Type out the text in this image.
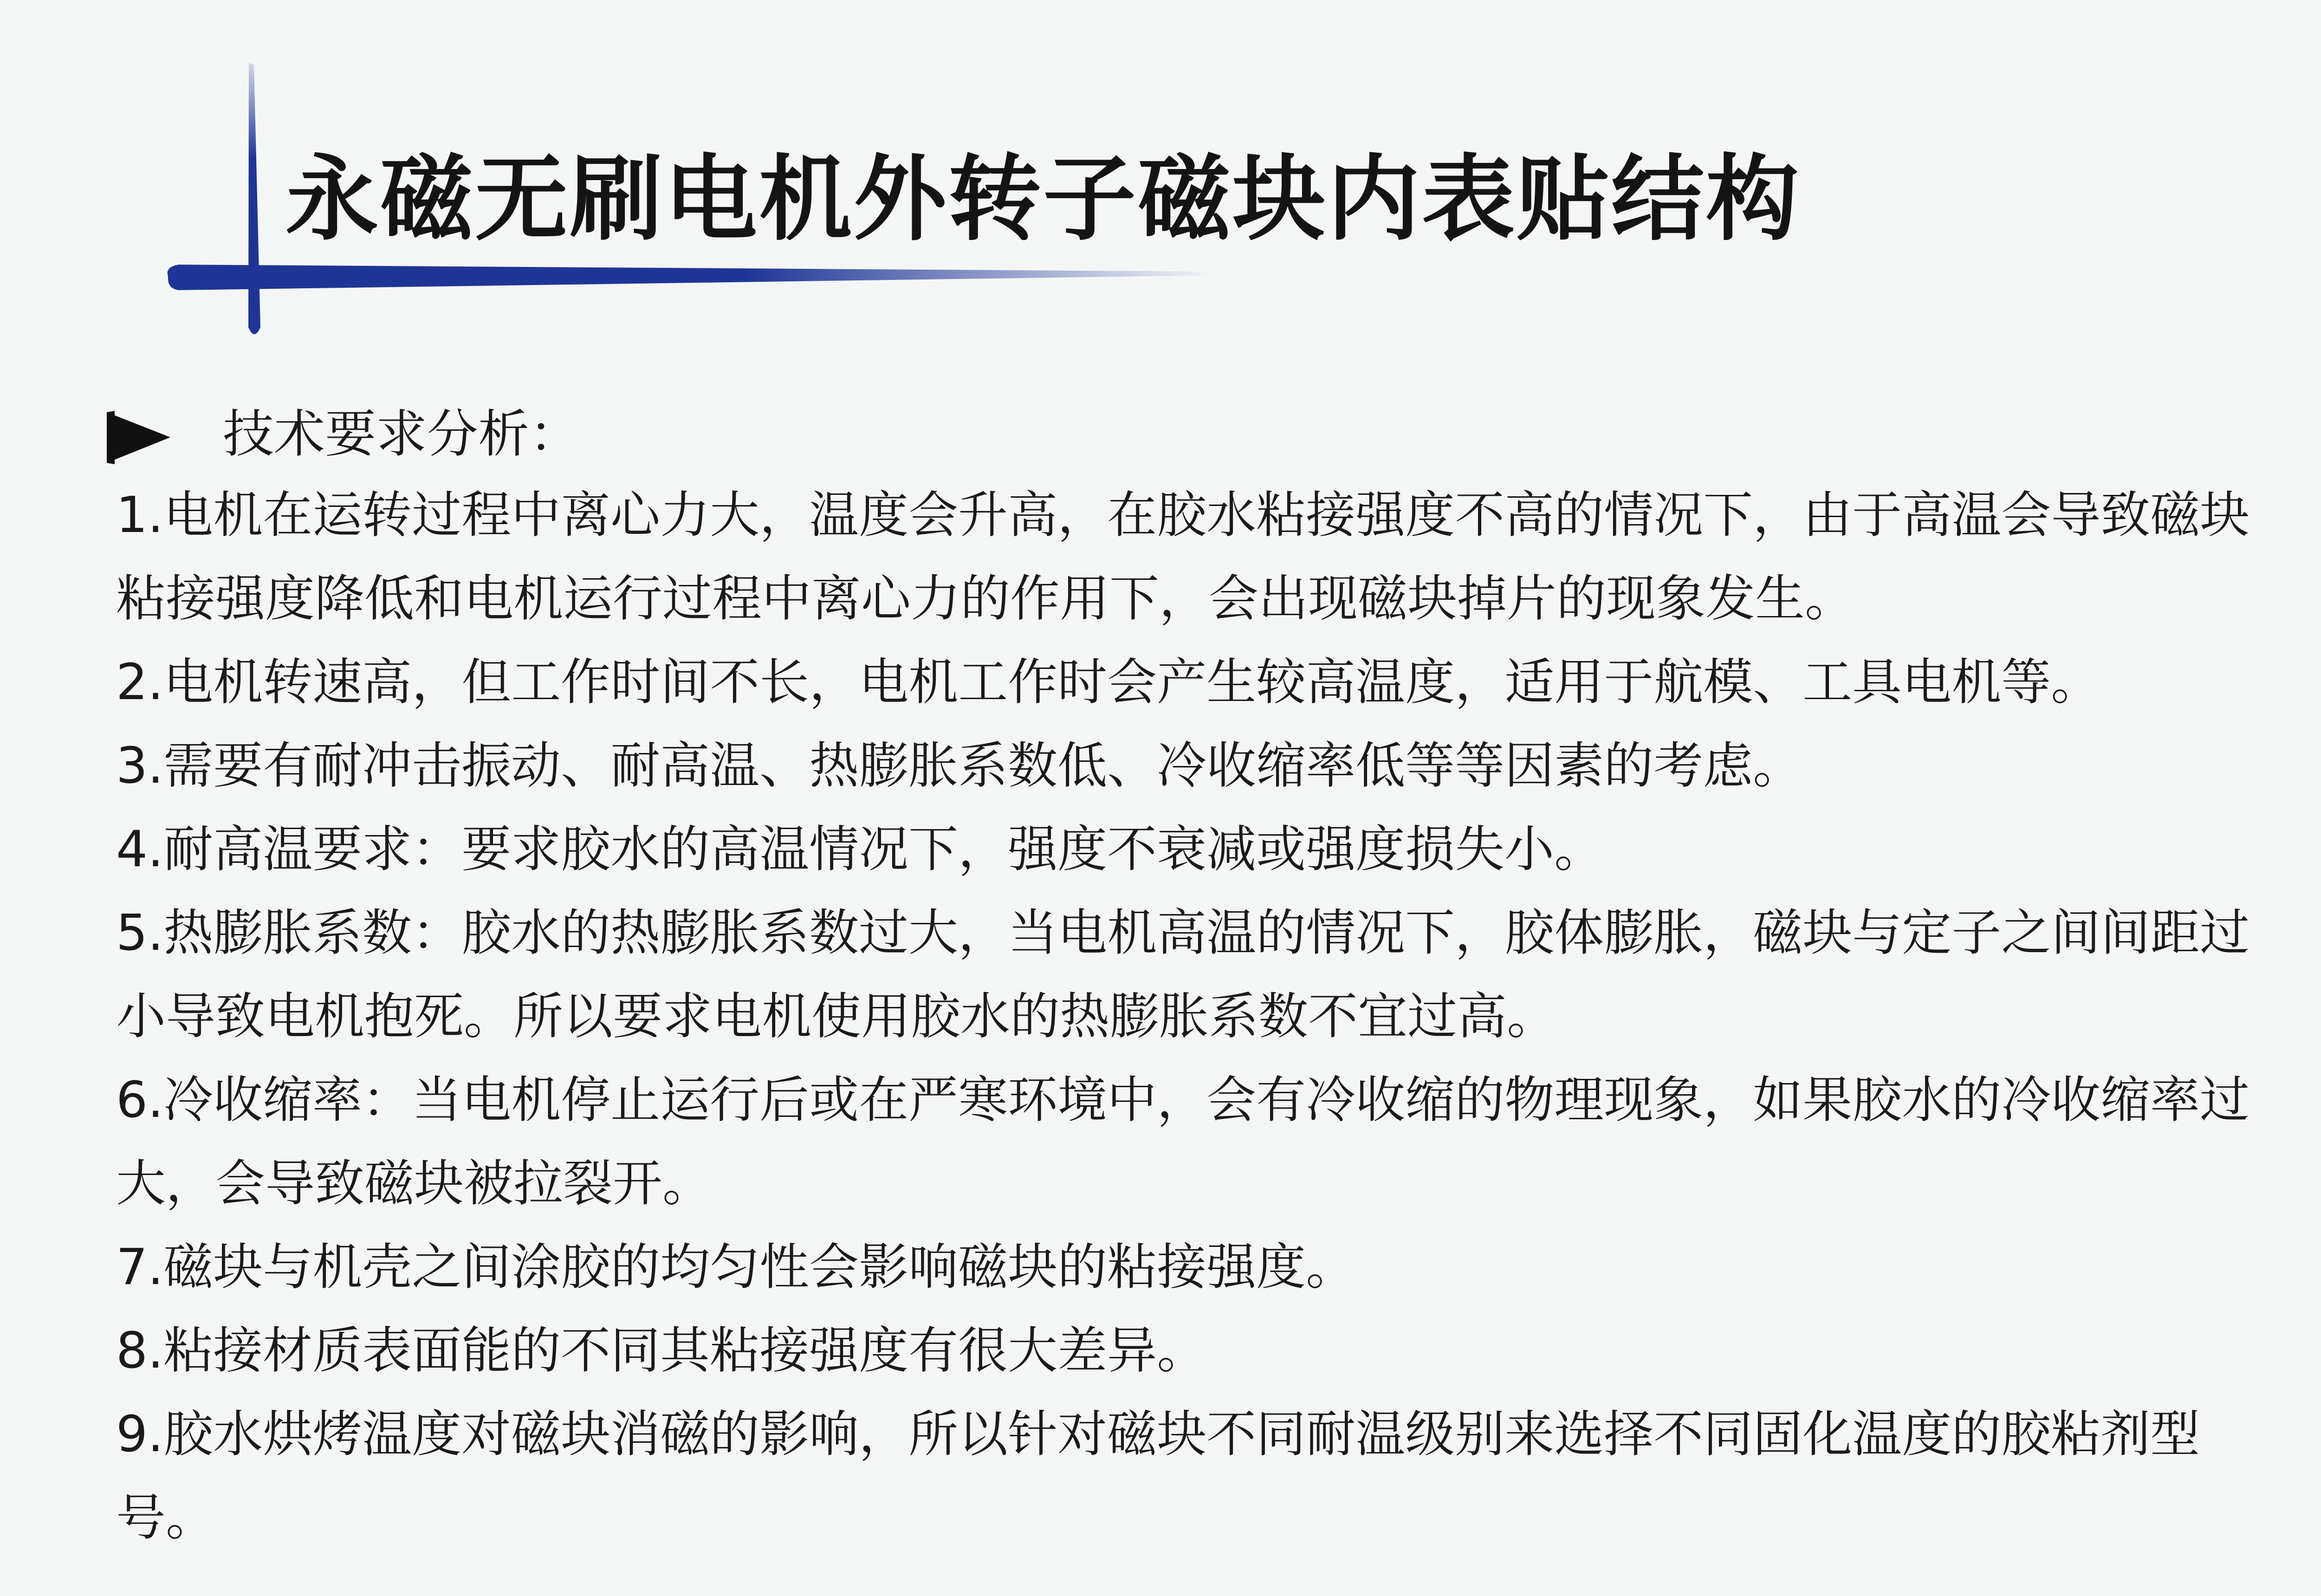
永磁无刷电机外转子磁块内表贴结构
技术要求分析：
1.电机在运转过程中离心力大，温度会升高，在胶水粘接强度不高的情况下，由于高温会导致磁块粘接强度降低和电机运行过程中离心力的作用下，会出现磁块掉片的现象发生。
2.电机转速高，但工作时间不长，电机工作时会产生较高温度，适用于航模、工具电机等。
3.需要有耐冲击振动、耐高温、热膨胀系数低、冷收缩率低等等因素的考虑。
4.耐高温要求：要求胶水的高温情况下，强度不衰减或强度损失小。
5.热膨胀系数：胶水的热膨胀系数过大，当电机高温的情况下，胶体膨胀，磁块与定子之间间距过小导致电机抱死。所以要求电机使用胶水的热膨胀系数不宜过高。
6.冷收缩率：当电机停止运行后或在严寒环境中，会有冷收缩的物理现象，如果胶水的冷收缩率过大，会导致磁块被拉裂开。
7.磁块与机壳之间涂胶的均匀性会影响磁块的粘接强度。
8.粘接材质表面能的不同其粘接强度有很大差异。
9.胶水烘烤温度对磁块消磁的影响，所以针对磁块不同耐温级别来选择不同固化温度的胶粘剂型号。
